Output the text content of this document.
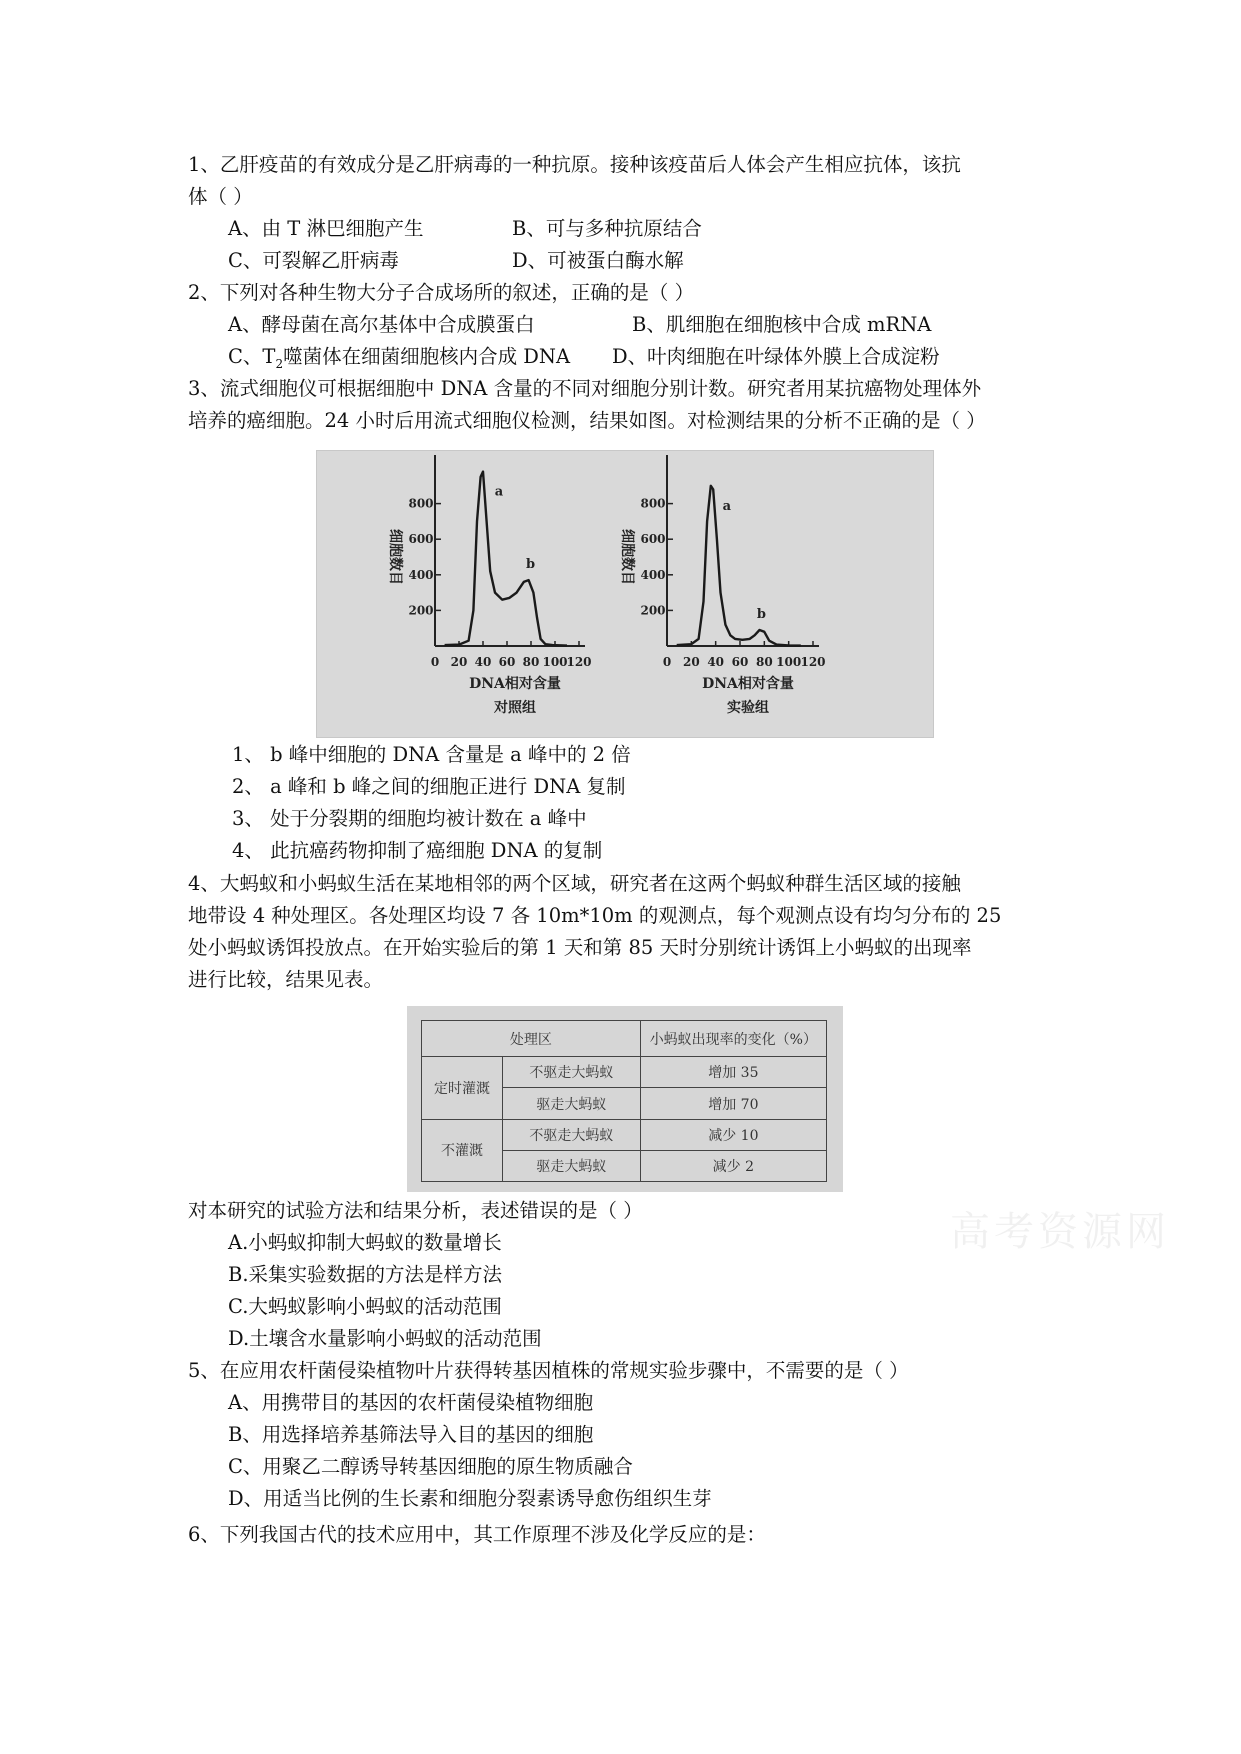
1、乙肝疫苗的有效成分是乙肝病毒的一种抗原。接种该疫苗后人体会产生相应抗体，该抗
体（ ）
A、由 T 淋巴细胞产生	B、可与多种抗原结合
C、可裂解乙肝病毒	D、可被蛋白酶水解
2、下列对各种生物大分子合成场所的叙述，正确的是（ ）
A、酵母菌在高尔基体中合成膜蛋白	B、肌细胞在细胞核中合成 mRNA
C、$T_2$噬菌体在细菌细胞核内合成 DNA D、叶肉细胞在叶绿体外膜上合成淀粉
3、流式细胞仪可根据细胞中 DNA 含量的不同对细胞分别计数。研究者用某抗癌物处理体外
培养的癌细胞。24 小时后用流式细胞仪检测，结果如图。对检测结果的分析不正确的是（ ）
200
400
600
800
0 20 40 60 80 100
120
a
b
DNA相对含量
对照组
细胞数目
200
400
600
800
0 20 40 60 80 100 120
a
b
DNA相对含量
实验组
细胞数目
1、 b 峰中细胞的 DNA 含量是 a 峰中的 2 倍
2、 a 峰和 b 峰之间的细胞正进行 DNA 复制
3、 处于分裂期的细胞均被计数在 a 峰中
4、 此抗癌药物抑制了癌细胞 DNA 的复制
4、大蚂蚁和小蚂蚁生活在某地相邻的两个区域，研究者在这两个蚂蚁种群生活区域的接触
地带设 4 种处理区。各处理区均设 7 各 10m*10m 的观测点，每个观测点设有均匀分布的 25
处小蚂蚁诱饵投放点。在开始实验后的第 1 天和第 85 天时分别统计诱饵上小蚂蚁的出现率
进行比较，结果见表。
处理区		小蚂蚁出现率的变化（%）
定时灌溉	不驱走大蚂蚁	增加 35
	驱走大蚂蚁	增加 70
不灌溉	不驱走大蚂蚁	减少 10
	驱走大蚂蚁	减少 2
高考资源网
对本研究的试验方法和结果分析，表述错误的是（ ）
A.小蚂蚁抑制大蚂蚁的数量增长
B.采集实验数据的方法是样方法
C.大蚂蚁影响小蚂蚁的活动范围
D.土壤含水量影响小蚂蚁的活动范围
5、在应用农杆菌侵染植物叶片获得转基因植株的常规实验步骤中，不需要的是（ ）
A、用携带目的基因的农杆菌侵染植物细胞
B、用选择培养基筛法导入目的基因的细胞
C、用聚乙二醇诱导转基因细胞的原生物质融合
D、用适当比例的生长素和细胞分裂素诱导愈伤组织生芽
6、下列我国古代的技术应用中，其工作原理不涉及化学反应的是：
